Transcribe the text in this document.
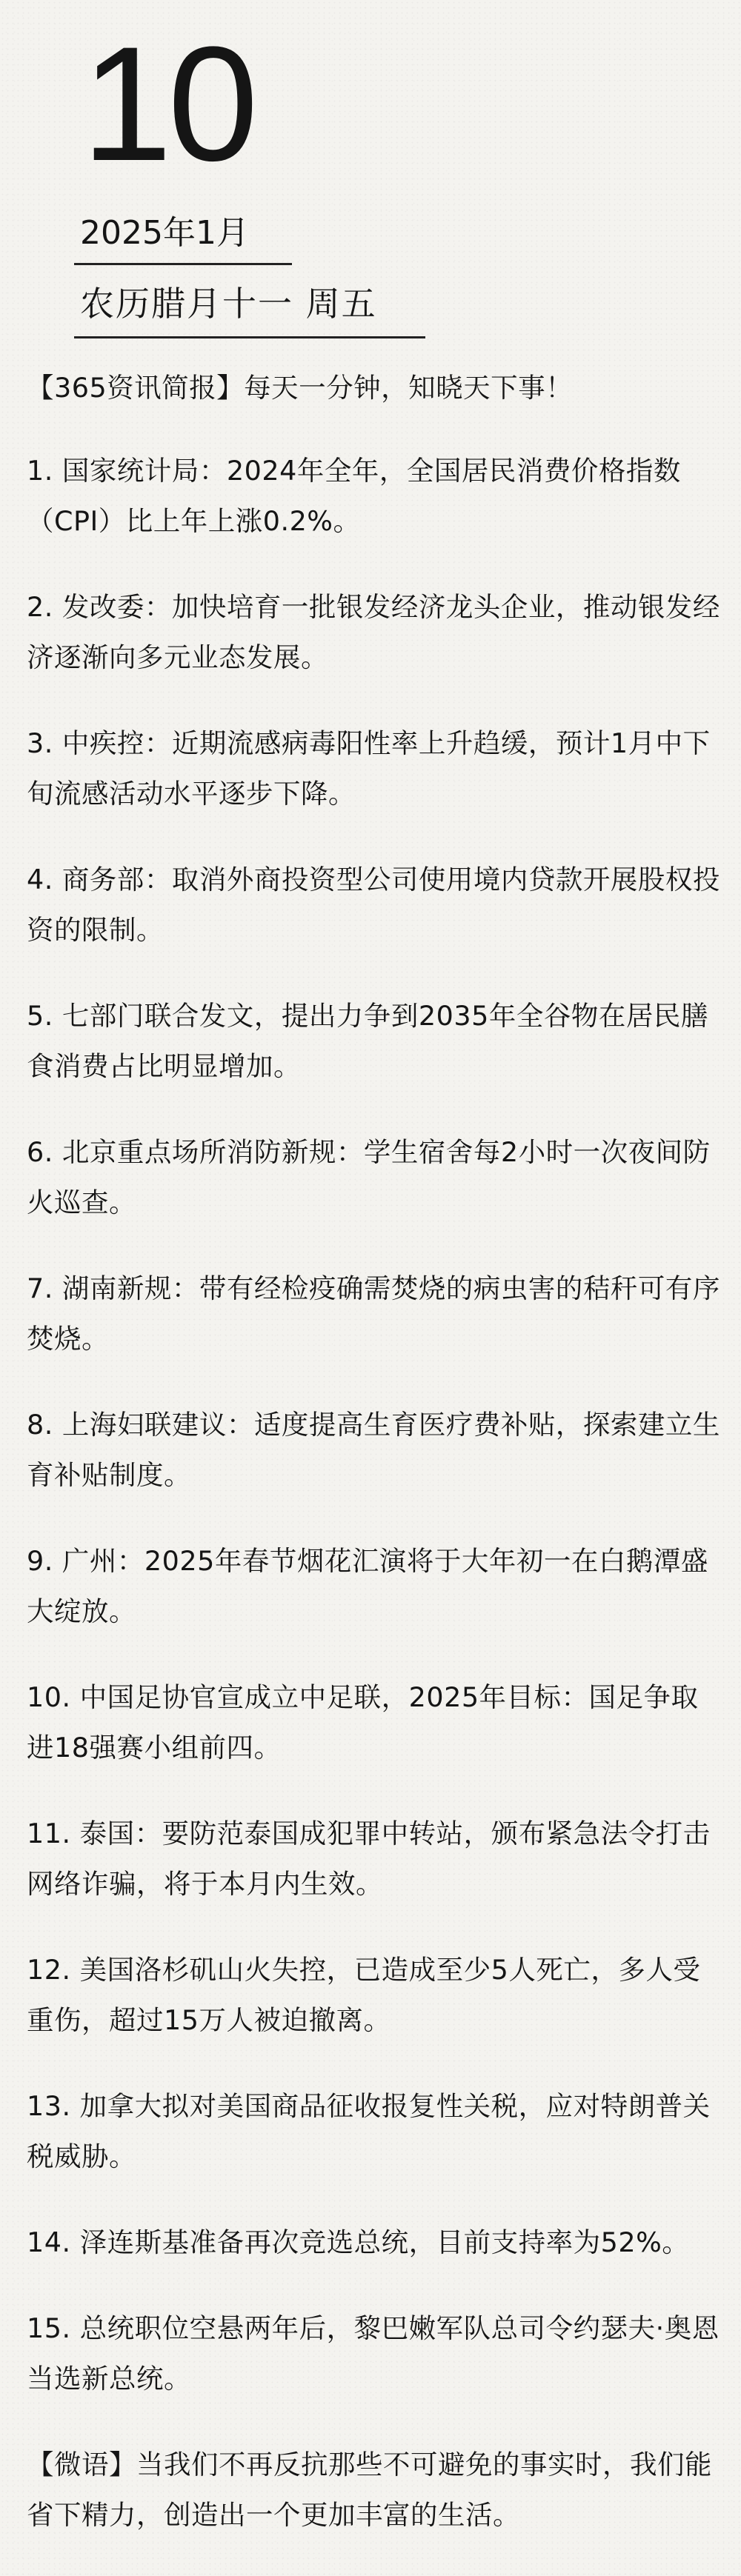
10
2025年1月
农历腊月十一 周五

【365资讯简报】每天一分钟，知晓天下事！

1. 国家统计局：2024年全年，全国居民消费价格指数（CPI）比上年上涨0.2%。

2. 发改委：加快培育一批银发经济龙头企业，推动银发经济逐渐向多元业态发展。

3. 中疾控：近期流感病毒阳性率上升趋缓，预计1月中下旬流感活动水平逐步下降。

4. 商务部：取消外商投资型公司使用境内贷款开展股权投资的限制。

5. 七部门联合发文，提出力争到2035年全谷物在居民膳食消费占比明显增加。

6. 北京重点场所消防新规：学生宿舍每2小时一次夜间防火巡查。

7. 湖南新规：带有经检疫确需焚烧的病虫害的秸秆可有序焚烧。

8. 上海妇联建议：适度提高生育医疗费补贴，探索建立生育补贴制度。

9. 广州：2025年春节烟花汇演将于大年初一在白鹅潭盛大绽放。

10. 中国足协官宣成立中足联，2025年目标：国足争取进18强赛小组前四。

11. 泰国：要防范泰国成犯罪中转站，颁布紧急法令打击网络诈骗，将于本月内生效。

12. 美国洛杉矶山火失控，已造成至少5人死亡，多人受重伤，超过15万人被迫撤离。

13. 加拿大拟对美国商品征收报复性关税，应对特朗普关税威胁。

14. 泽连斯基准备再次竞选总统，目前支持率为52%。

15. 总统职位空悬两年后，黎巴嫩军队总司令约瑟夫·奥恩当选新总统。

【微语】当我们不再反抗那些不可避免的事实时，我们能省下精力，创造出一个更加丰富的生活。
